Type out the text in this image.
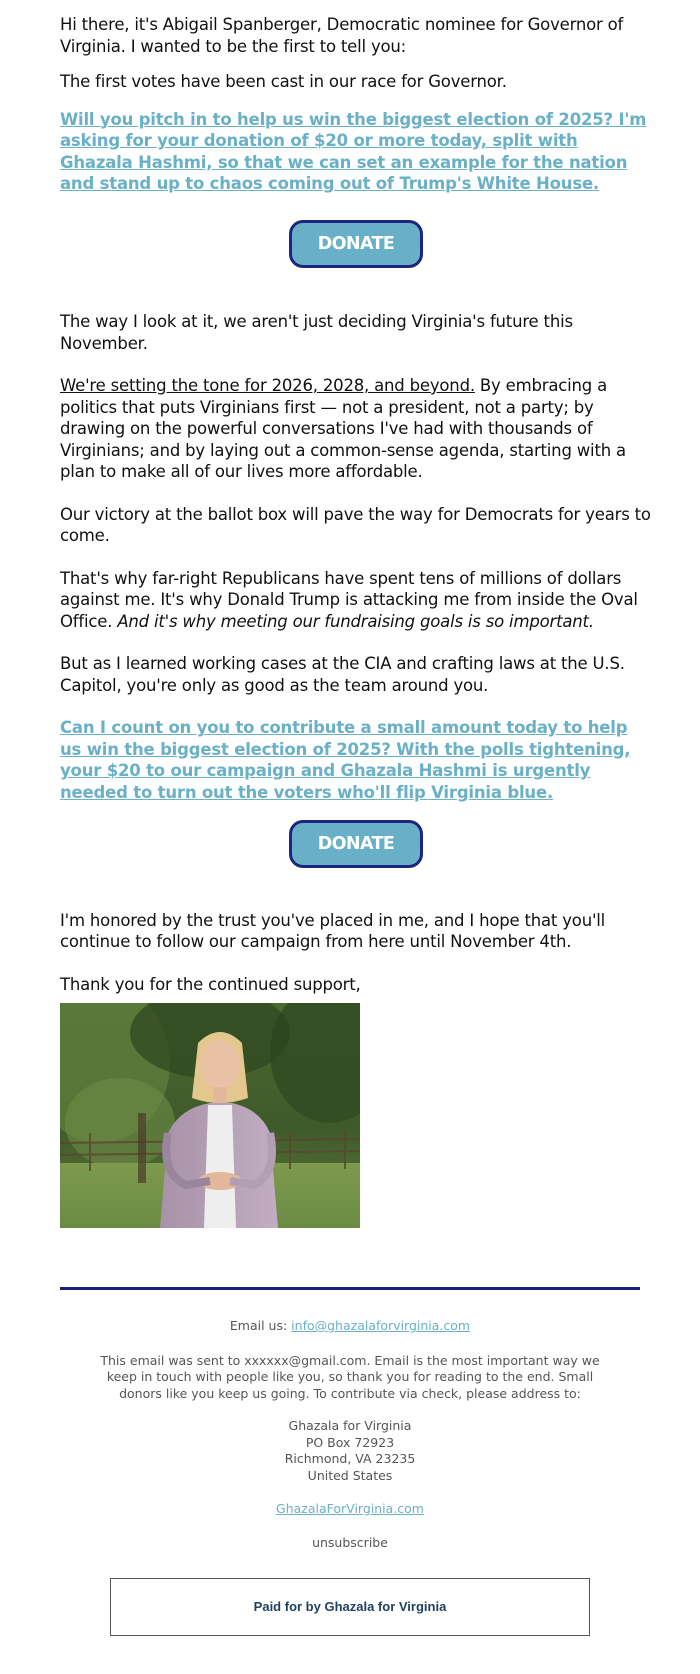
Hi there, it's Abigail Spanberger, Democratic nominee for Governor of Virginia. I wanted to be the first to tell you:

The first votes have been cast in our race for Governor.

Will you pitch in to help us win the biggest election of 2025? I'm asking for your donation of $20 or more today, split with Ghazala Hashmi, so that we can set an example for the nation and stand up to chaos coming out of Trump's White House.

DONATE NOW

The way I look at it, we aren't just deciding Virginia's future this November.

We're setting the tone for 2026, 2028, and beyond. By embracing a politics that puts Virginians first — not a president, not a party; by drawing on the powerful conversations I've had with thousands of Virginians; and by laying out a common-sense agenda, starting with a plan to make all of our lives more affordable.

Our victory at the ballot box will pave the way for Democrats for years to come.

That's why far-right Republicans have spent tens of millions of dollars against me. It's why Donald Trump is attacking me from inside the Oval Office. And it's why meeting our fundraising goals is so important.

But as I learned working cases at the CIA and crafting laws at the U.S. Capitol, you're only as good as the team around you.

Can I count on you to contribute a small amount today to help us win the biggest election of 2025? With the polls tightening, your $20 to our campaign and Ghazala Hashmi is urgently needed to turn out the voters who'll flip Virginia blue.

DONATE NOW

I'm honored by the trust you've placed in me, and I hope that you'll continue to follow our campaign from here until November 4th.

Thank you for the continued support,

Email us: info@ghazalaforvirginia.com
This email was sent to xxxxxx@gmail.com. Email is the most important way we keep in touch with people like you, so thank you for reading to the end. Small donors like you keep us going. To contribute via check, please address to:
Ghazala for Virginia
PO Box 72923
Richmond, VA 23235
United States
GhazalaForVirginia.com
unsubscribe
Paid for by Ghazala for Virginia
